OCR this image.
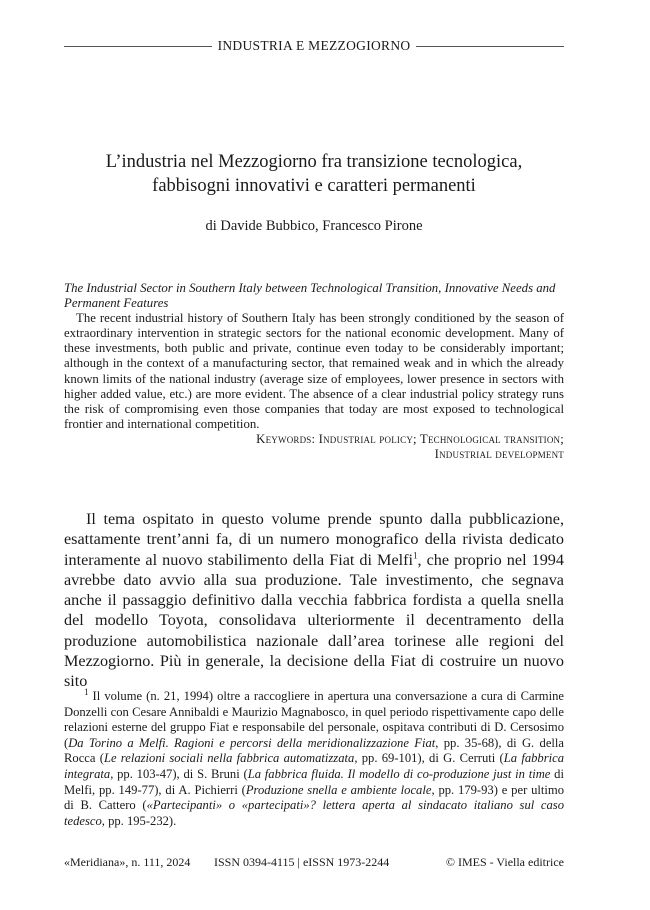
INDUSTRIA E MEZZOGIORNO
L’industria nel Mezzogiorno fra transizione tecnologica,
fabbisogni innovativi e caratteri permanenti
di Davide Bubbico, Francesco Pirone
The Industrial Sector in Southern Italy between Technological Transition, Innovative Needs and Permanent Features
The recent industrial history of Southern Italy has been strongly conditioned by the season of extraordinary intervention in strategic sectors for the national economic development. Many of these investments, both public and private, continue even today to be considerably important; although in the context of a manufacturing sector, that remained weak and in which the already known limits of the national industry (average size of employees, lower presence in sectors with higher added value, etc.) are more evident. The absence of a clear industrial policy strategy runs the risk of compromising even those companies that today are most exposed to technological frontier and international competition.
Keywords: Industrial policy; Technological transition;
Industrial development
Il tema ospitato in questo volume prende spunto dalla pubblicazione, esattamente trent’anni fa, di un numero monografico della rivista dedicato interamente al nuovo stabilimento della Fiat di Melfi$^1$, che proprio nel 1994 avrebbe dato avvio alla sua produzione. Tale investimento, che segnava anche il passaggio definitivo dalla vecchia fabbrica fordista a quella snella del modello Toyota, consolidava ulteriormente il decentramento della produzione automobilistica nazionale dall’area torinese alle regioni del Mezzogiorno. Più in generale, la decisione della Fiat di costruire un nuovo sito
$^1$ Il volume (n. 21, 1994) oltre a raccogliere in apertura una conversazione a cura di Carmine Donzelli con Cesare Annibaldi e Maurizio Magnabosco, in quel periodo rispettivamente capo delle relazioni esterne del gruppo Fiat e responsabile del personale, ospitava contributi di D. Cersosimo (Da Torino a Melfi. Ragioni e percorsi della meridionalizzazione Fiat, pp. 35-68), di G. della Rocca (Le relazioni sociali nella fabbrica automatizzata, pp. 69-101), di G. Cerruti (La fabbrica integrata, pp. 103-47), di S. Bruni (La fabbrica fluida. Il modello di co-produzione just in time di Melfi, pp. 149-77), di A. Pichierri (Produzione snella e ambiente locale, pp. 179-93) e per ultimo di B. Cattero («Partecipanti» o «partecipati»? lettera aperta al sindacato italiano sul caso tedesco, pp. 195-232).
«Meridiana», n. 111, 2024 ISSN 0394-4115 | eISSN 1973-2244	© IMES - Viella editrice
